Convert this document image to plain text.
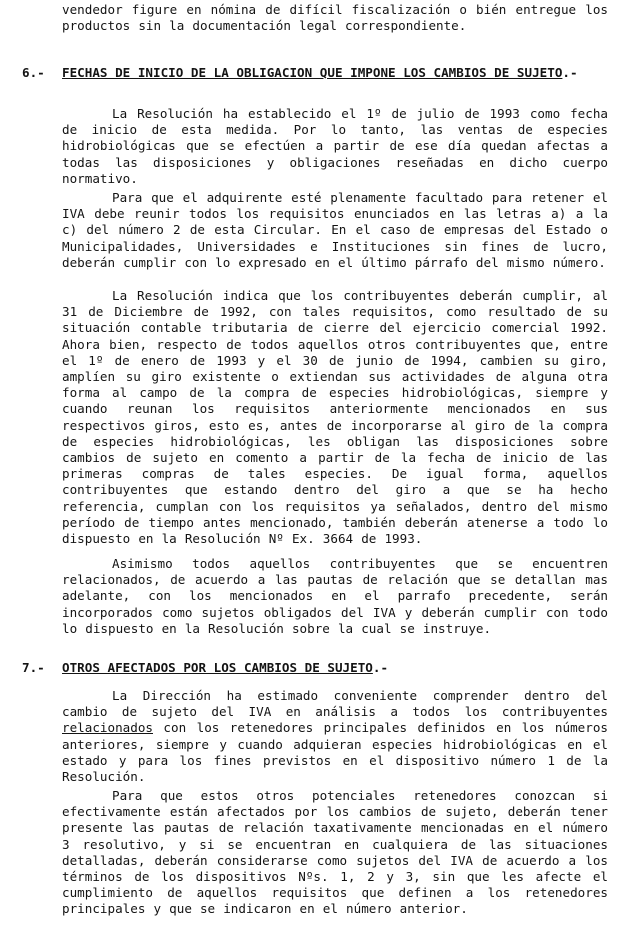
vendedor figure en nómina de difícil fiscalización o bién entregue los productos sin la documentación legal correspondiente.

6.- FECHAS DE INICIO DE LA OBLIGACION QUE IMPONE LOS CAMBIOS DE SUJETO.-

La Resolución ha establecido el 1º de julio de 1993 como fecha de inicio de esta medida. Por lo tanto, las ventas de especies hidrobiológicas que se efectúen a partir de ese día quedan afectas a todas las disposiciones y obligaciones reseñadas en dicho cuerpo normativo.

Para que el adquirente esté plenamente facultado para retener el IVA debe reunir todos los requisitos enunciados en las letras a) a la c) del número 2 de esta Circular. En el caso de empresas del Estado o Municipalidades, Universidades e Instituciones sin fines de lucro, deberán cumplir con lo expresado en el último párrafo del mismo número.

La Resolución indica que los contribuyentes deberán cumplir, al 31 de Diciembre de 1992, con tales requisitos, como resultado de su situación contable tributaria de cierre del ejercicio comercial 1992. Ahora bien, respecto de todos aquellos otros contribuyentes que, entre el 1º de enero de 1993 y el 30 de junio de 1994, cambien su giro, amplíen su giro existente o extiendan sus actividades de alguna otra forma al campo de la compra de especies hidrobiológicas, siempre y cuando reunan los requisitos anteriormente mencionados en sus respectivos giros, esto es, antes de incorporarse al giro de la compra de especies hidrobiológicas, les obligan las disposiciones sobre cambios de sujeto en comento a partir de la fecha de inicio de las primeras compras de tales especies. De igual forma, aquellos contribuyentes que estando dentro del giro a que se ha hecho referencia, cumplan con los requisitos ya señalados, dentro del mismo período de tiempo antes mencionado, también deberán atenerse a todo lo dispuesto en la Resolución Nº Ex. 3664 de 1993.

Asimismo todos aquellos contribuyentes que se encuentren relacionados, de acuerdo a las pautas de relación que se detallan mas adelante, con los mencionados en el parrafo precedente, serán incorporados como sujetos obligados del IVA y deberán cumplir con todo lo dispuesto en la Resolución sobre la cual se instruye.

7.- OTROS AFECTADOS POR LOS CAMBIOS DE SUJETO.-

La Dirección ha estimado conveniente comprender dentro del cambio de sujeto del IVA en análisis a todos los contribuyentes relacionados con los retenedores principales definidos en los números anteriores, siempre y cuando adquieran especies hidrobiológicas en el estado y para los fines previstos en el dispositivo número 1 de la Resolución.

Para que estos otros potenciales retenedores conozcan si efectivamente están afectados por los cambios de sujeto, deberán tener presente las pautas de relación taxativamente mencionadas en el número 3 resolutivo, y si se encuentran en cualquiera de las situaciones detalladas, deberán considerarse como sujetos del IVA de acuerdo a los términos de los dispositivos Nºs. 1, 2 y 3, sin que les afecte el cumplimiento de aquellos requisitos que definen a los retenedores principales y que se indicaron en el número anterior.
